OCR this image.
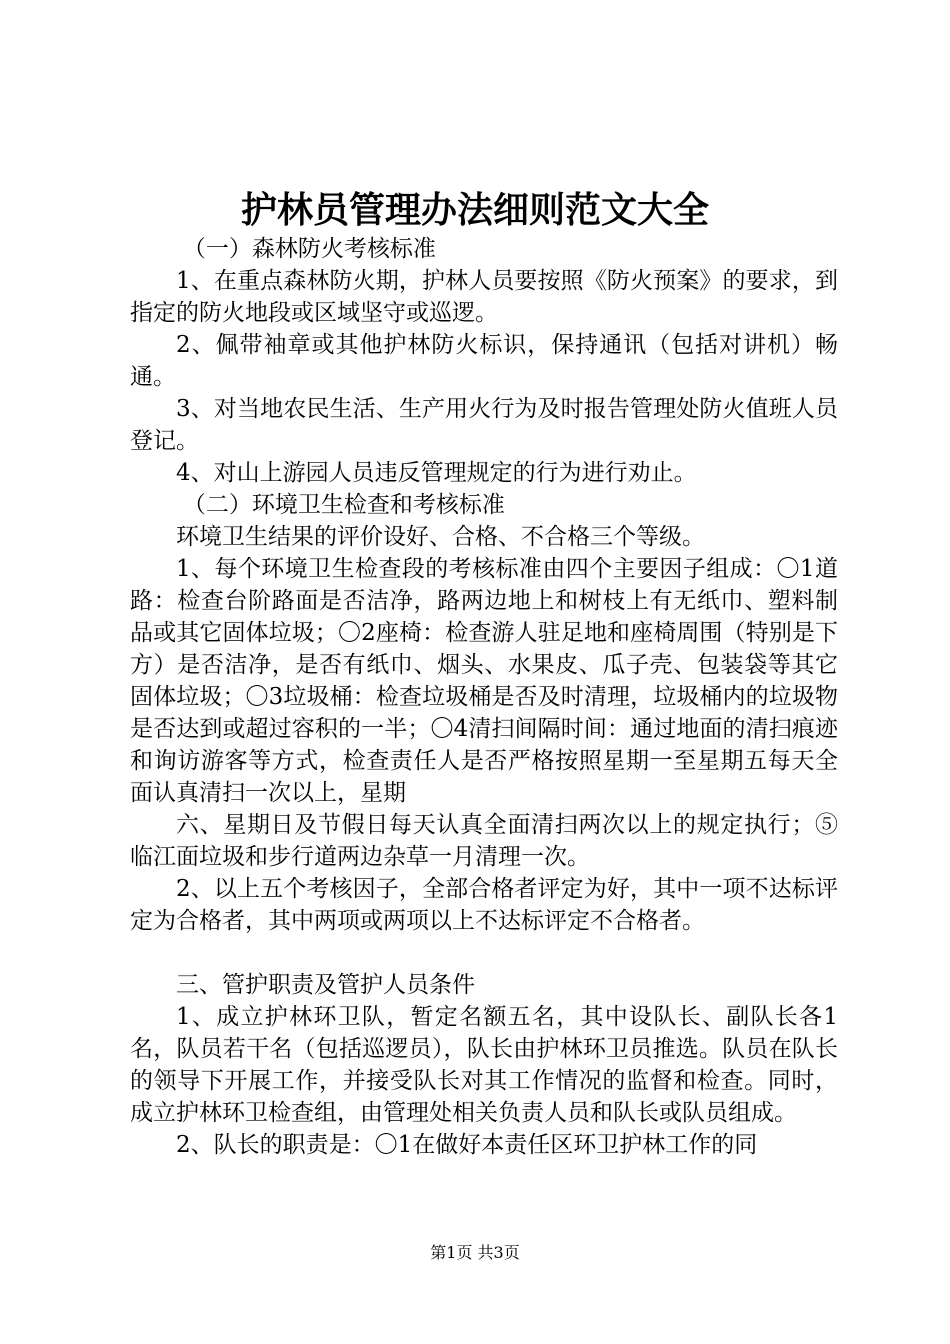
护林员管理办法细则范文大全

（一）森林防火考核标准

1、在重点森林防火期，护林人员要按照《防火预案》的要求，到指定的防火地段或区域坚守或巡逻。

2、佩带袖章或其他护林防火标识，保持通讯（包括对讲机）畅通。

3、对当地农民生活、生产用火行为及时报告管理处防火值班人员登记。

4、对山上游园人员违反管理规定的行为进行劝止。

（二）环境卫生检查和考核标准

环境卫生结果的评价设好、合格、不合格三个等级。

1、每个环境卫生检查段的考核标准由四个主要因子组成：〇1道路：检查台阶路面是否洁净，路两边地上和树枝上有无纸巾、塑料制品或其它固体垃圾；〇2座椅：检查游人驻足地和座椅周围（特别是下方）是否洁净，是否有纸巾、烟头、水果皮、瓜子壳、包装袋等其它固体垃圾；〇3垃圾桶：检查垃圾桶是否及时清理，垃圾桶内的垃圾物是否达到或超过容积的一半；〇4清扫间隔时间：通过地面的清扫痕迹和询访游客等方式，检查责任人是否严格按照星期一至星期五每天全面认真清扫一次以上，星期

六、星期日及节假日每天认真全面清扫两次以上的规定执行；⑤临江面垃圾和步行道两边杂草一月清理一次。

2、以上五个考核因子，全部合格者评定为好，其中一项不达标评定为合格者，其中两项或两项以上不达标评定不合格者。

三、管护职责及管护人员条件

1、成立护林环卫队，暂定名额五名，其中设队长、副队长各1名，队员若干名（包括巡逻员），队长由护林环卫员推选。队员在队长的领导下开展工作，并接受队长对其工作情况的监督和检查。同时，成立护林环卫检查组，由管理处相关负责人员和队长或队员组成。

2、队长的职责是：〇1在做好本责任区环卫护林工作的同

第1页 共3页
